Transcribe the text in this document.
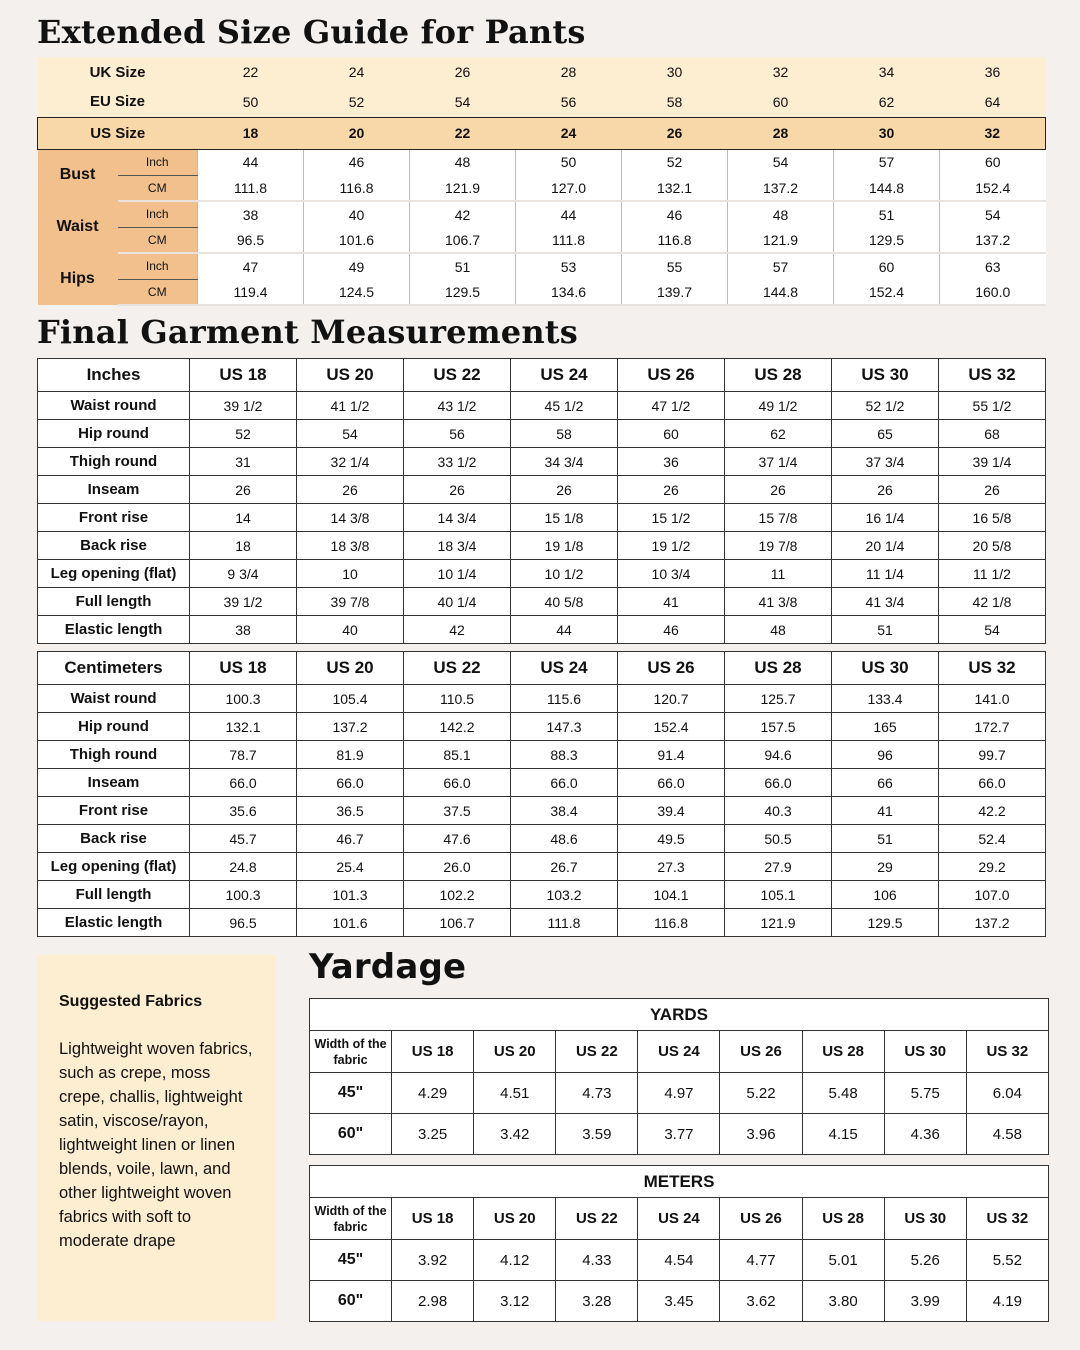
Extended Size Guide for Pants
UK Size		22	24	26	28	30	32	34	36
EU Size		50	52	54	56	58	60	62	64
US Size		18	20	22	24	26	28	30	32
Bust	Inch	44	46	48	50	52	54	57	60
	CM	111.8	116.8	121.9	127.0	132.1	137.2	144.8	152.4
Waist	Inch	38	40	42	44	46	48	51	54
	CM	96.5	101.6	106.7	111.8	116.8	121.9	129.5	137.2
Hips	Inch	47	49	51	53	55	57	60	63
	CM	119.4	124.5	129.5	134.6	139.7	144.8	152.4	160.0
Final Garment Measurements
Inches	US 18	US 20	US 22	US 24	US 26	US 28	US 30	US 32
Waist round	39 1/2	41 1/2	43 1/2	45 1/2	47 1/2	49 1/2	52 1/2	55 1/2
Hip round	52	54	56	58	60	62	65	68
Thigh round	31	32 1/4	33 1/2	34 3/4	36	37 1/4	37 3/4	39 1/4
Inseam	26	26	26	26	26	26	26	26
Front rise	14	14 3/8	14 3/4	15 1/8	15 1/2	15 7/8	16 1/4	16 5/8
Back rise	18	18 3/8	18 3/4	19 1/8	19 1/2	19 7/8	20 1/4	20 5/8
Leg opening (flat)	9 3/4	10	10 1/4	10 1/2	10 3/4	11	11 1/4	11 1/2
Full length	39 1/2	39 7/8	40 1/4	40 5/8	41	41 3/8	41 3/4	42 1/8
Elastic length	38	40	42	44	46	48	51	54
Centimeters	US 18	US 20	US 22	US 24	US 26	US 28	US 30	US 32
Waist round	100.3	105.4	110.5	115.6	120.7	125.7	133.4	141.0
Hip round	132.1	137.2	142.2	147.3	152.4	157.5	165	172.7
Thigh round	78.7	81.9	85.1	88.3	91.4	94.6	96	99.7
Inseam	66.0	66.0	66.0	66.0	66.0	66.0	66	66.0
Front rise	35.6	36.5	37.5	38.4	39.4	40.3	41	42.2
Back rise	45.7	46.7	47.6	48.6	49.5	50.5	51	52.4
Leg opening (flat)	24.8	25.4	26.0	26.7	27.3	27.9	29	29.2
Full length	100.3	101.3	102.2	103.2	104.1	105.1	106	107.0
Elastic length	96.5	101.6	106.7	111.8	116.8	121.9	129.5	137.2
Suggested Fabrics
Lightweight woven fabrics, such as crepe, moss crepe, challis, lightweight satin, viscose/rayon, lightweight linen or linen blends, voile, lawn, and other lightweight woven fabrics with soft to moderate drape
Yardage
YARDS								
Width of the fabric	US 18	US 20	US 22	US 24	US 26	US 28	US 30	US 32
45"	4.29	4.51	4.73	4.97	5.22	5.48	5.75	6.04
60"	3.25	3.42	3.59	3.77	3.96	4.15	4.36	4.58
METERS								
Width of the fabric	US 18	US 20	US 22	US 24	US 26	US 28	US 30	US 32
45"	3.92	4.12	4.33	4.54	4.77	5.01	5.26	5.52
60"	2.98	3.12	3.28	3.45	3.62	3.80	3.99	4.19
